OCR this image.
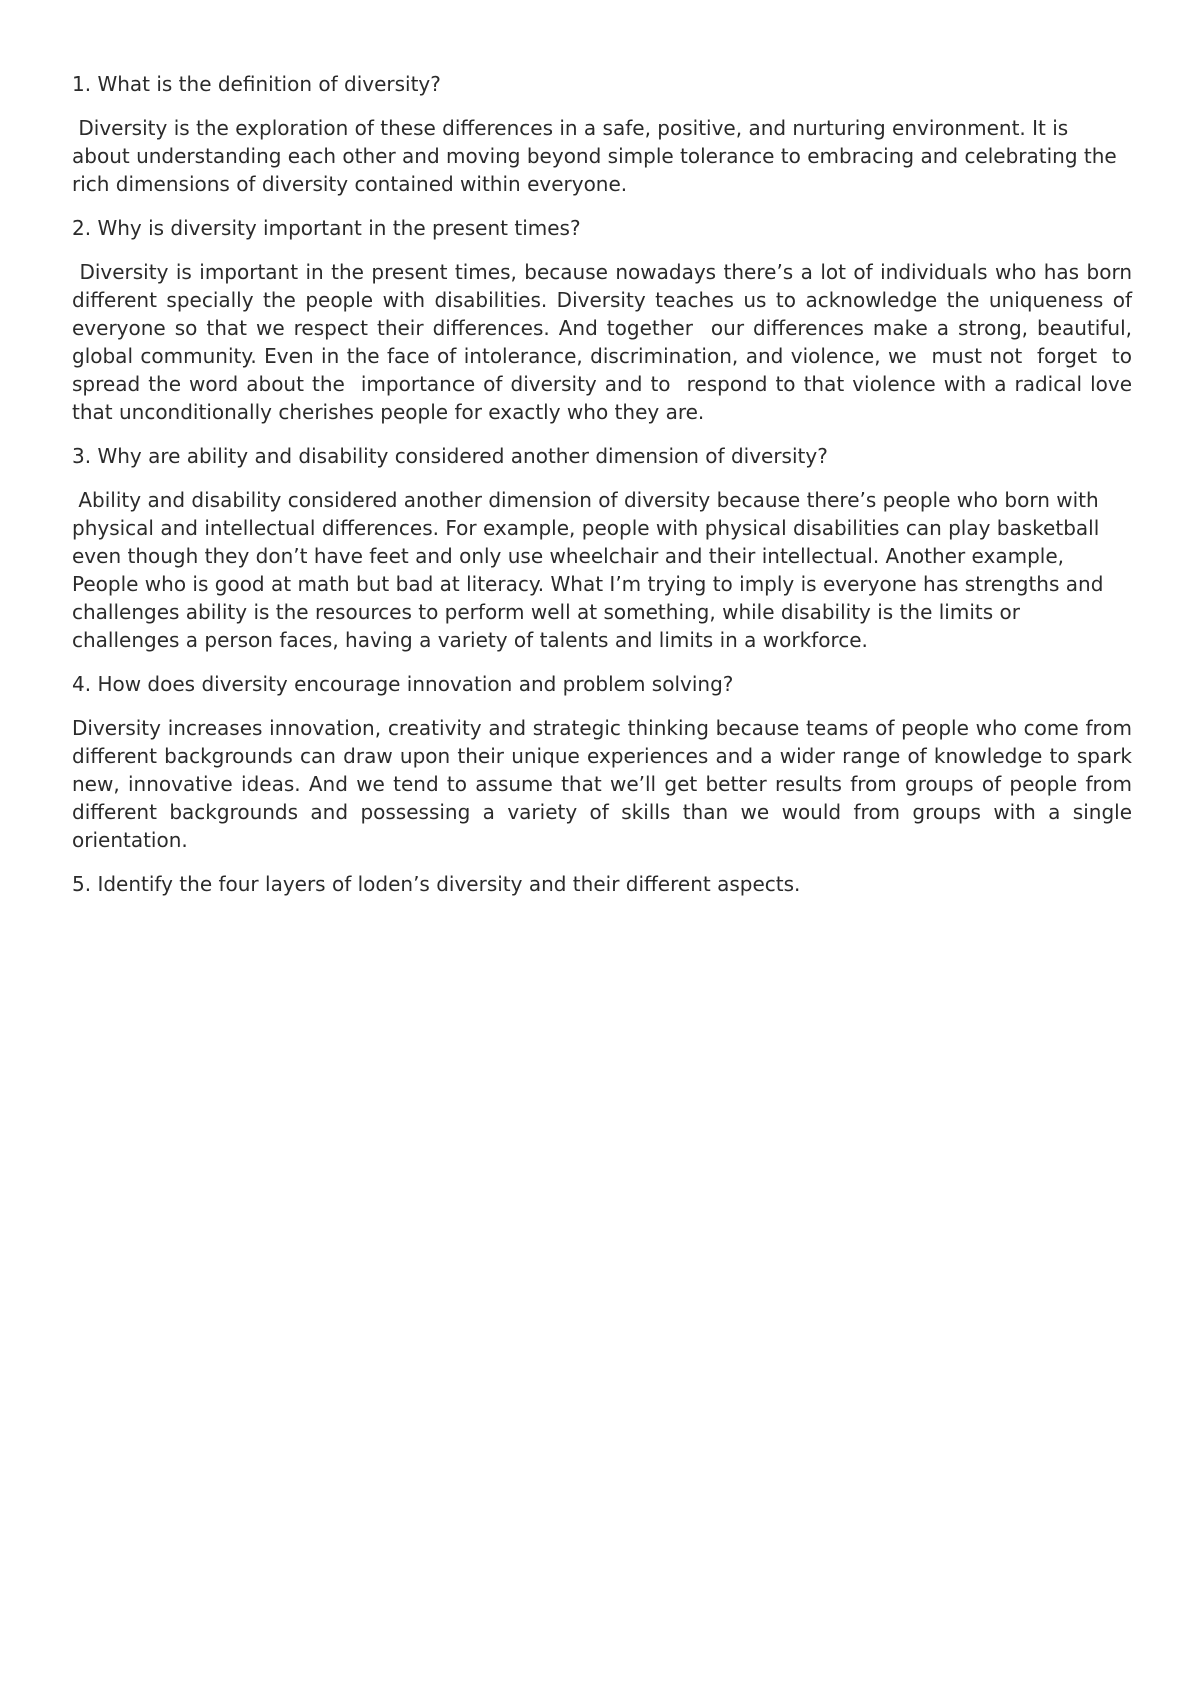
1. What is the definition of diversity?

Diversity is the exploration of these differences in a safe, positive, and nurturing environment. It is about understanding each other and moving beyond simple tolerance to embracing and celebrating the rich dimensions of diversity contained within everyone.

2. Why is diversity important in the present times?

Diversity is important in the present times, because nowadays there’s a lot of individuals who has born different specially the people with disabilities. Diversity teaches us to acknowledge the uniqueness of everyone so that we respect their differences. And together  our differences make a strong, beautiful, global community. Even in the face of intolerance, discrimination, and violence, we  must not  forget  to spread the word about the  importance of diversity and to  respond to that violence with a radical love that unconditionally cherishes people for exactly who they are.

3. Why are ability and disability considered another dimension of diversity?

Ability and disability considered another dimension of diversity because there’s people who born with physical and intellectual differences. For example, people with physical disabilities can play basketball even though they don’t have feet and only use wheelchair and their intellectual. Another example, People who is good at math but bad at literacy. What I’m trying to imply is everyone has strengths and challenges ability is the resources to perform well at something, while disability is the limits or challenges a person faces, having a variety of talents and limits in a workforce.

4. How does diversity encourage innovation and problem solving?

Diversity increases innovation, creativity and strategic thinking because teams of people who come from different backgrounds can draw upon their unique experiences and a wider range of knowledge to spark new, innovative ideas. And we tend to assume that we’ll get better results from groups of people from different backgrounds and possessing a variety of skills than we would from groups with a single orientation.

5. Identify the four layers of loden’s diversity and their different aspects.
